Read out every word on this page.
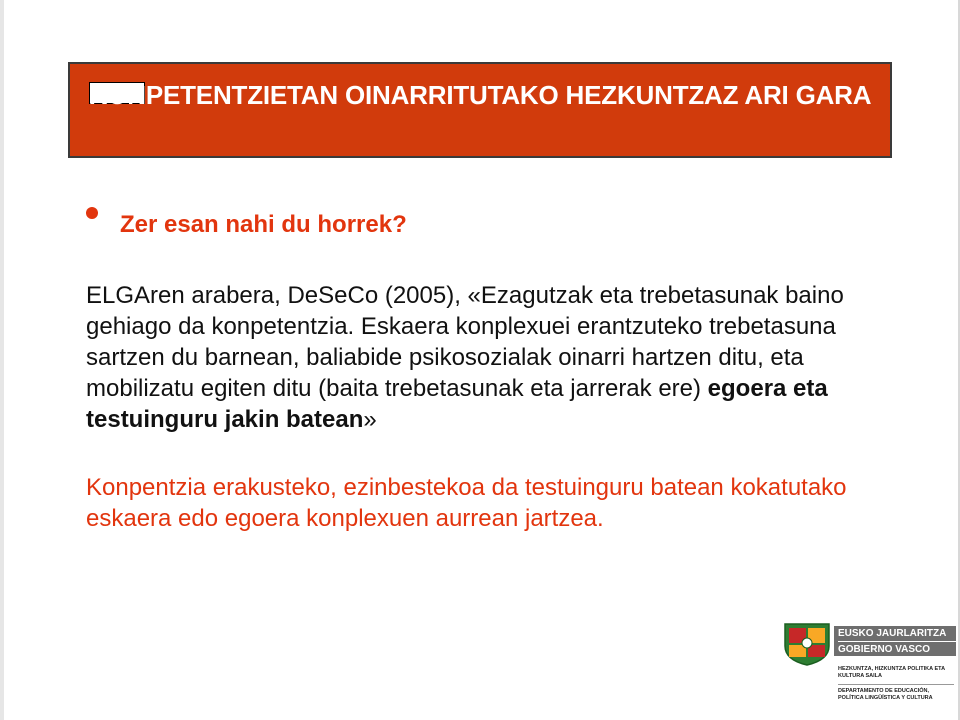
KONPETENTZIETAN OINARRITUTAKO HEZKUNTZAZ ARI GARA
Zer esan nahi du horrek?

ELGAren arabera, DeSeCo (2005), «Ezagutzak eta trebetasunak baino gehiago da konpetentzia. Eskaera konplexuei erantzuteko trebetasuna sartzen du barnean, baliabide psikosozialak oinarri hartzen ditu, eta mobilizatu egiten ditu (baita trebetasunak eta jarrerak ere) egoera eta testuinguru jakin batean»

Konpentzia erakusteko, ezinbestekoa da testuinguru batean kokatutako eskaera edo egoera konplexuen aurrean jartzea.

EUSKO JAURLARITZA
GOBIERNO VASCO
HEZKUNTZA, HIZKUNTZA POLITIKA ETA KULTURA SAILA
DEPARTAMENTO DE EDUCACIÓN, POLÍTICA LINGÜÍSTICA Y CULTURA
